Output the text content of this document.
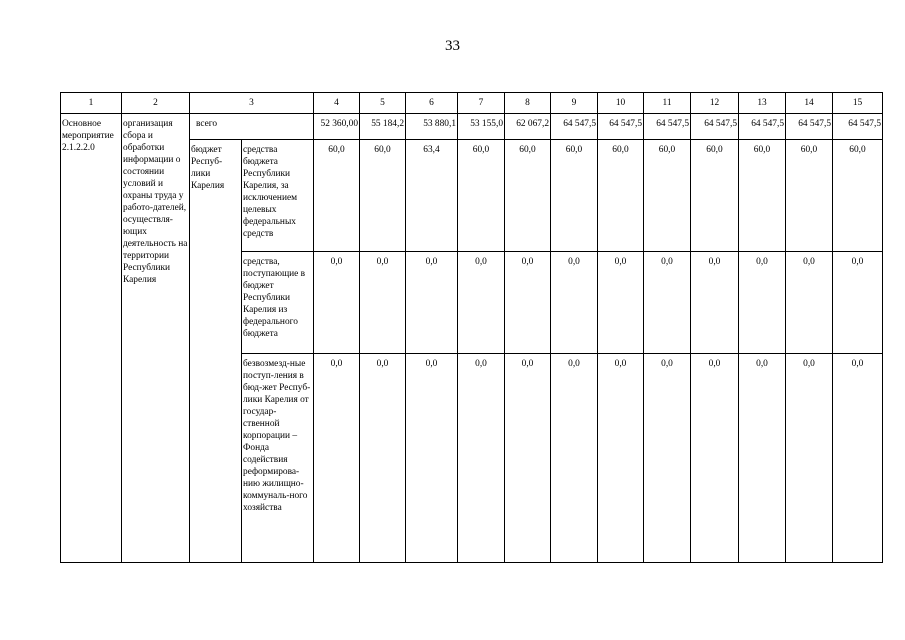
33
1	2	3		4	5	6	7	8	9	10	11	12	13	14	15
Основное мероприятие 2.1.2.2.0	организация сбора и обработки информации о состоянии условий и охраны труда у работо-дателей, осуществля-ющих деятельность на территории Республики Карелия	всего		52 360,00	55 184,2	53 880,1	53 155,0	62 067,2	64 547,5	64 547,5	64 547,5	64 547,5	64 547,5	64 547,5	64 547,5
		бюджет Респуб-лики Карелия	средства бюджета Республики Карелия, за исключением целевых федеральных средств	60,0	60,0	63,4	60,0	60,0	60,0	60,0	60,0	60,0	60,0	60,0	60,0
			средства, поступающие в бюджет Республики Карелия из федерального бюджета	0,0	0,0	0,0	0,0	0,0	0,0	0,0	0,0	0,0	0,0	0,0	0,0
			безвозмезд-ные поступ-ления в бюд-жет Респуб-лики Карелия от государ-ственной корпорации – Фонда содействия реформирова-нию жилищно-коммуналь-ного хозяйства	0,0	0,0	0,0	0,0	0,0	0,0	0,0	0,0	0,0	0,0	0,0	0,0
